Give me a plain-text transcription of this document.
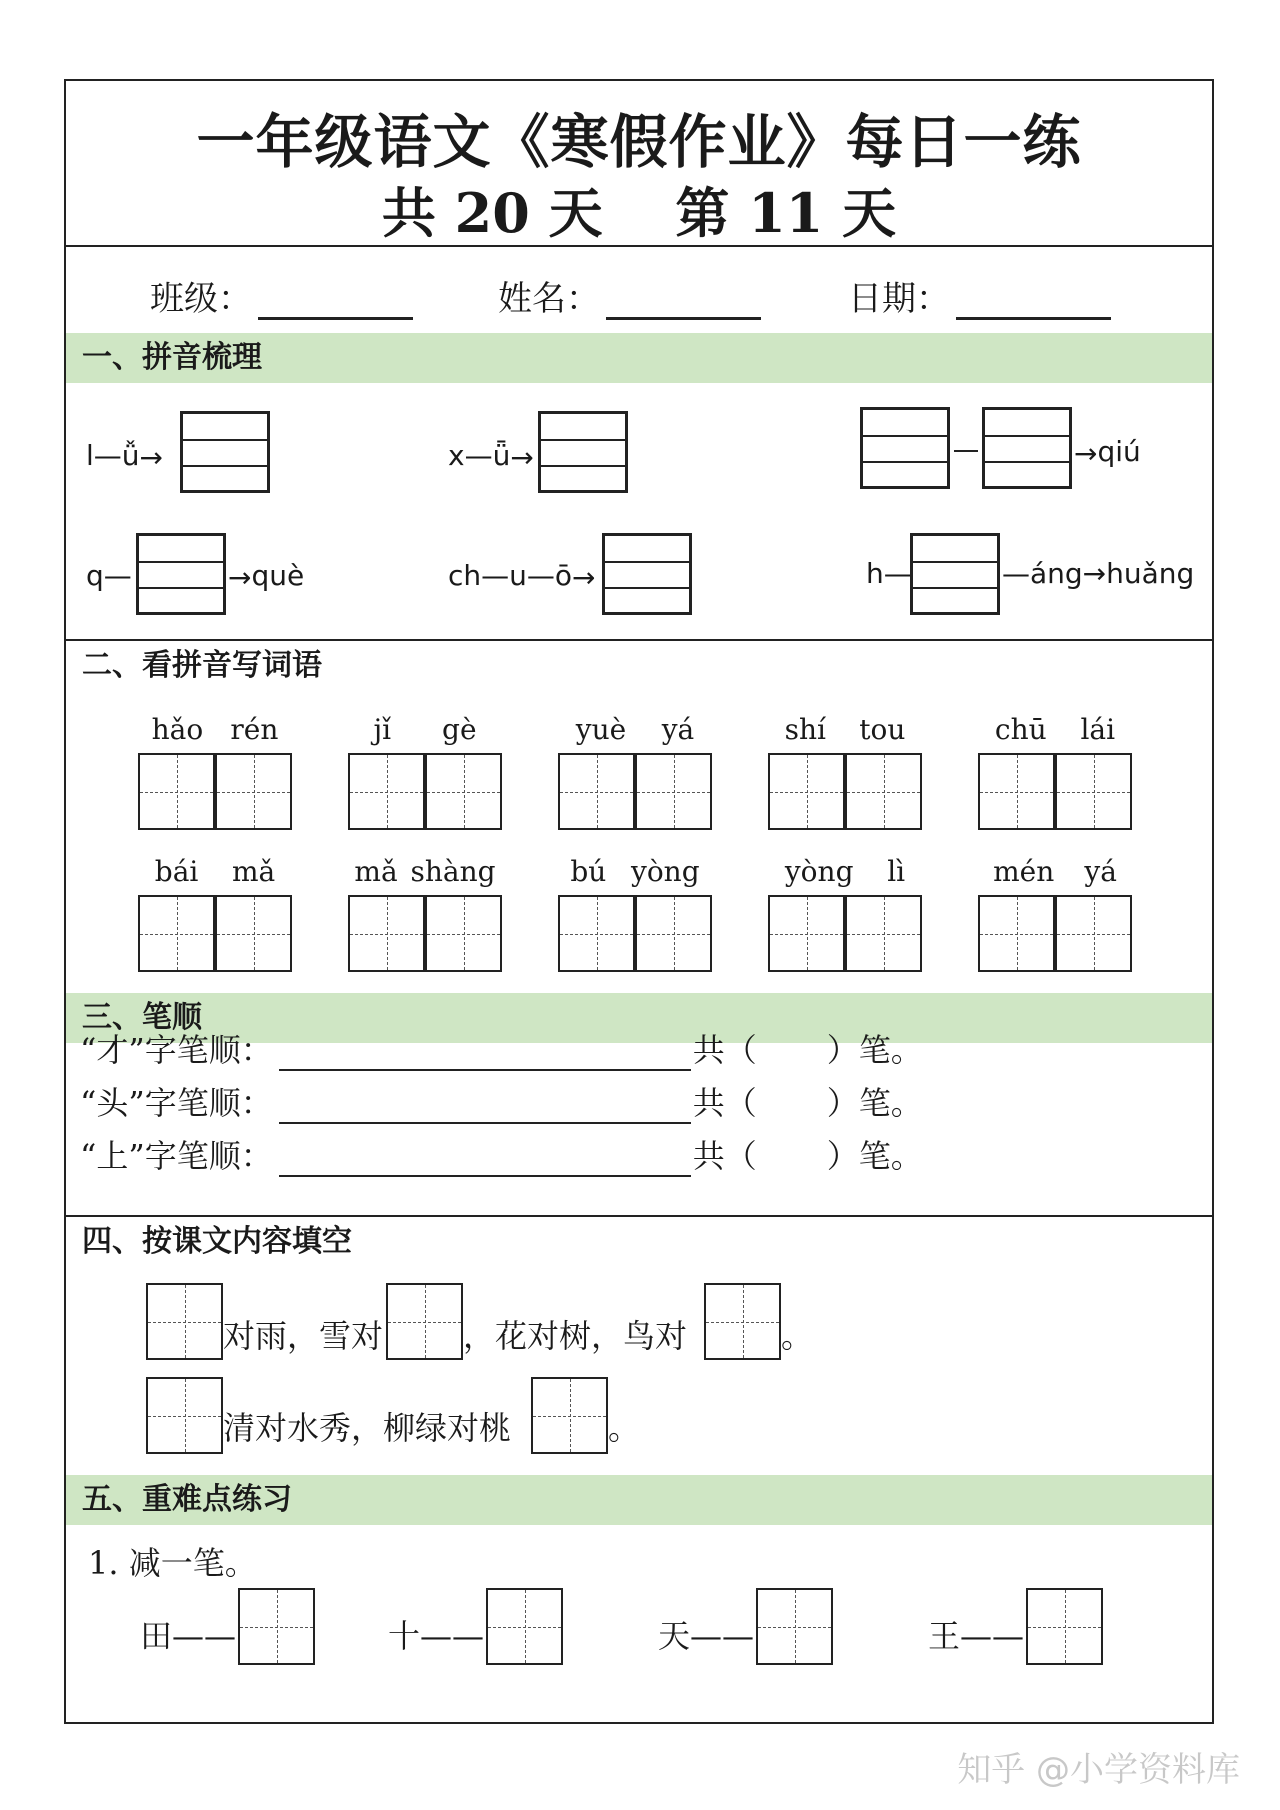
一年级语文《寒假作业》每日一练
共 20 天　 第 11 天
班级：	姓名：	日期：
一、拼音梳理
l—ǚ→	x—ǖ→	→qiú
q—	→què	ch—u—ō→	h—	—áng→huǎng
二、看拼音写词语
hǎo rén	jǐ gè	yuè yá	shí tou	chū lái
bái mǎ	mǎ shàng	bú yòng	yòng lì	mén yá
三、笔顺
“才”字笔顺：	共（ ）笔。
“头”字笔顺：	共（ ）笔。
“上”字笔顺：	共（ ）笔。
四、按课文内容填空
对雨，雪对 ，花对树，鸟对	。
清对水秀，柳绿对桃	。
五、重难点练习
1. 减一笔。
田——	十——	天——	王——
知乎 @小学资料库
